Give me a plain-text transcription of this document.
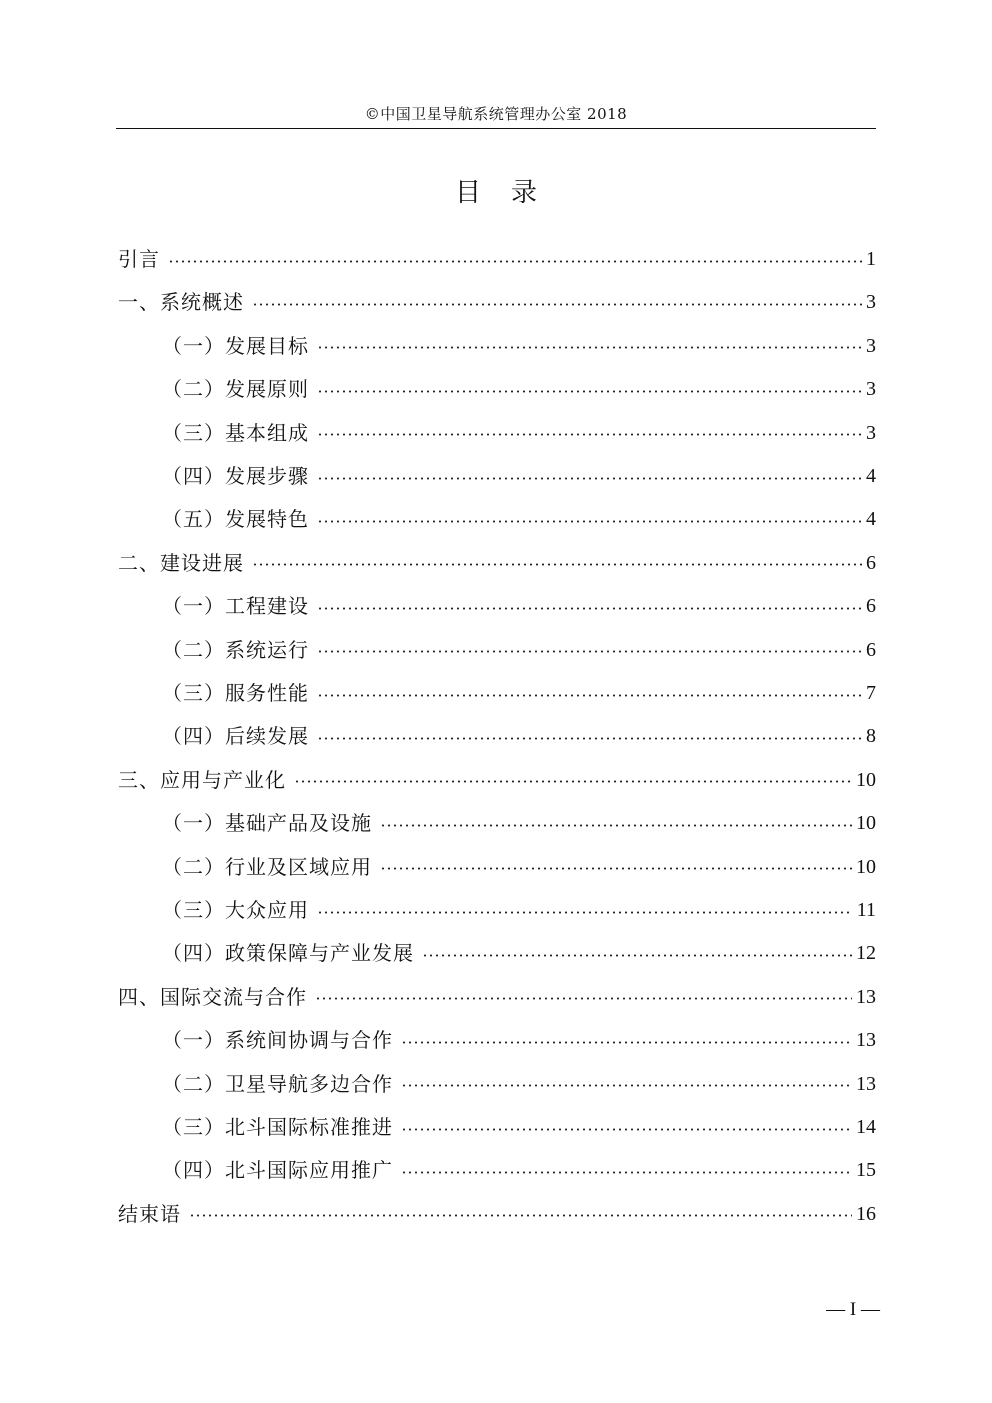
©中国卫星导航系统管理办公室 2018
目录
引言	1
一、系统概述	3
（一）发展目标	3
（二）发展原则	3
（三）基本组成	3
（四）发展步骤	4
（五）发展特色	4
二、建设进展	6
（一）工程建设	6
（二）系统运行	6
（三）服务性能	7
（四）后续发展	8
三、应用与产业化	10
（一）基础产品及设施	10
（二）行业及区域应用	10
（三）大众应用	11
（四）政策保障与产业发展	12
四、国际交流与合作	13
（一）系统间协调与合作	13
（二）卫星导航多边合作	13
（三）北斗国际标准推进	14
（四）北斗国际应用推广	15
结束语	16
— I —
